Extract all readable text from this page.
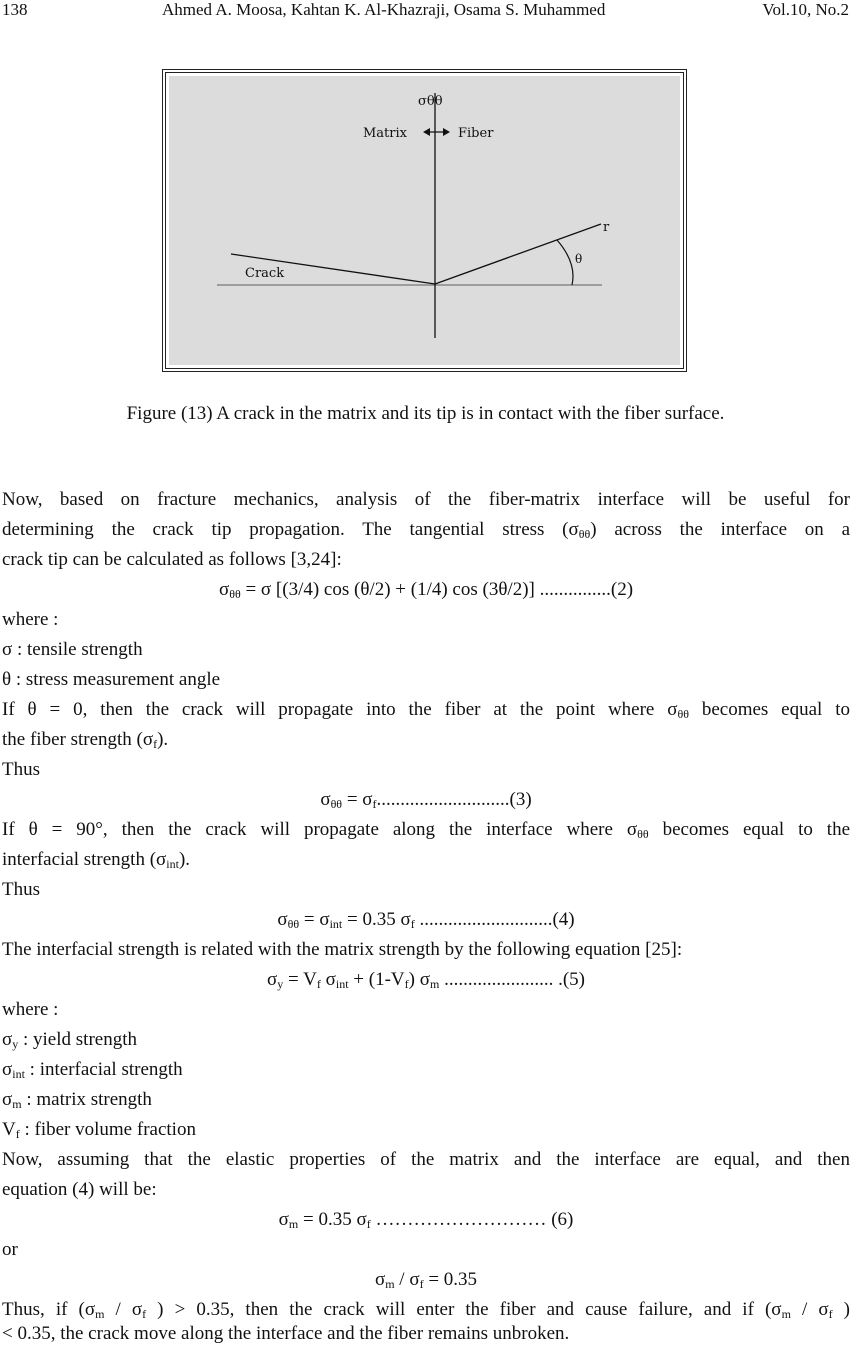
138	Ahmed A. Moosa, Kahtan K. Al-Khazraji, Osama S. Muhammed	Vol.10, No.2
σθθ
Matrix	Fiber
r
θ
Crack
Figure (13) A crack in the matrix and its tip is in contact with the fiber surface.
Now, based on fracture mechanics, analysis of the fiber-matrix interface will be useful for
determining the crack tip propagation. The tangential stress $(\sigma_{\theta\theta})$ across the interface on a
crack tip can be calculated as follows [3,24]:
$\sigma_{\theta\theta} = \sigma$ [(3/4) cos (θ/2) + (1/4) cos (3θ/2)] ...............(2)
where :
σ : tensile strength
θ : stress measurement angle
If θ = 0, then the crack will propagate into the fiber at the point where $\sigma_{\theta\theta}$ becomes equal to
the fiber strength $(\sigma_f)$.
Thus
$\sigma_{\theta\theta} = \sigma_f............................(3)$
If θ = 90°, then the crack will propagate along the interface where $\sigma_{\theta\theta}$ becomes equal to the
interfacial strength $(\sigma_{int})$.
Thus
$\sigma_{\theta\theta} = \sigma_{int} = 0.35$ $\sigma_f$ ............................(4)
The interfacial strength is related with the matrix strength by the following equation [25]:
$\sigma_y = V_f$ $\sigma_{int} + (1-V_f)$ $\sigma_m$ ....................... .(5)
where :
$\sigma_y$ : yield strength
$\sigma_{int}$ : interfacial strength
$\sigma_m$ : matrix strength
$V_f$ : fiber volume fraction
Now, assuming that the elastic properties of the matrix and the interface are equal, and then
equation (4) will be:
$\sigma_m = 0.35$ $\sigma_f$ ……………………… (6)
or
$\sigma_m / \sigma_f = 0.35$
Thus, if ($\sigma_m / \sigma_f$ ) > 0.35, then the crack will enter the fiber and cause failure, and if ($\sigma_m / \sigma_f$ )
< 0.35, the crack move along the interface and the fiber remains unbroken.
